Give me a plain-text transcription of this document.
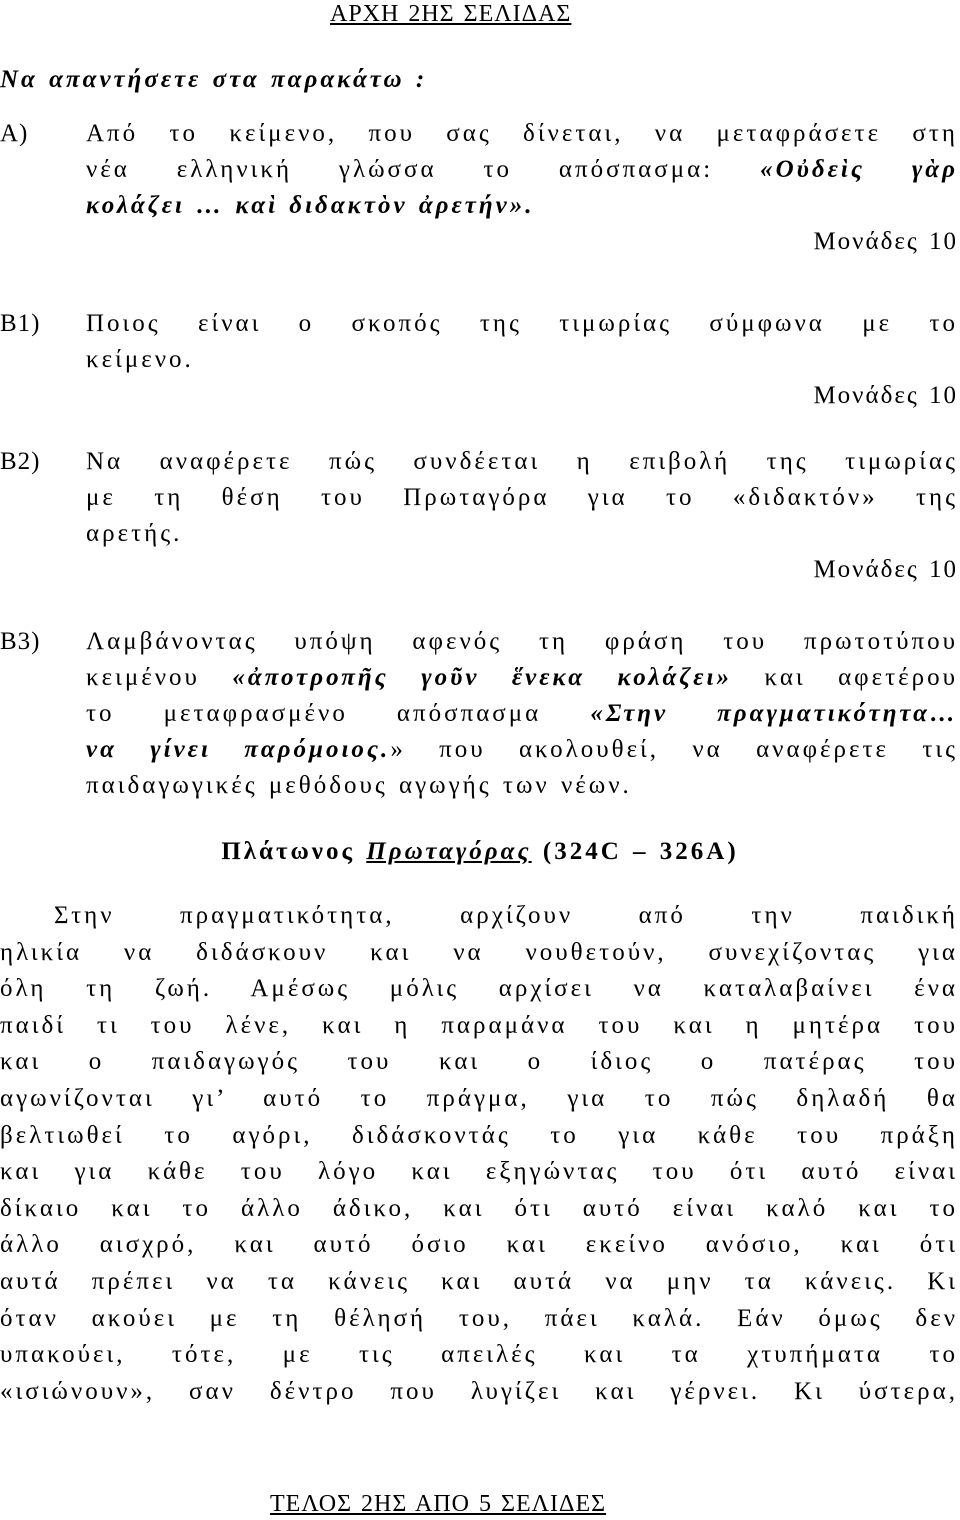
ΑΡΧΗ 2ΗΣ ΣΕΛΙΔΑΣ
Να απαντήσετε στα παρακάτω :
Α) Από το κείμενο, που σας δίνεται, να μεταφράσετε στη
νέα ελληνική γλώσσα το απόσπασμα: «Οὐδεὶς γὰρ
κολάζει … καὶ διδακτὸν ἀρετήν».
Μονάδες 10
Β1) Ποιος είναι ο σκοπός της τιμωρίας σύμφωνα με το
κείμενο.
Μονάδες 10
Β2) Να αναφέρετε πώς συνδέεται η επιβολή της τιμωρίας
με τη θέση του Πρωταγόρα για το «διδακτόν» της
αρετής.
Μονάδες 10
Β3) Λαμβάνοντας υπόψη αφενός τη φράση του πρωτοτύπου
κειμένου «ἀποτροπῆς γοῦν ἕνεκα κολάζει» και αφετέρου
το μεταφρασμένο απόσπασμα «Στην πραγματικότητα…
να γίνει παρόμοιος.» που ακολουθεί, να αναφέρετε τις
παιδαγωγικές μεθόδους αγωγής των νέων.
Πλάτωνος Πρωταγόρας (324C – 326A)
Στην πραγματικότητα, αρχίζουν από την παιδική
ηλικία να διδάσκουν και να νουθετούν, συνεχίζοντας για
όλη τη ζωή. Αμέσως μόλις αρχίσει να καταλαβαίνει ένα
παιδί τι του λένε, και η παραμάνα του και η μητέρα του
και ο παιδαγωγός του και ο ίδιος ο πατέρας του
αγωνίζονται γι’ αυτό το πράγμα, για το πώς δηλαδή θα
βελτιωθεί το αγόρι, διδάσκοντάς το για κάθε του πράξη
και για κάθε του λόγο και εξηγώντας του ότι αυτό είναι
δίκαιο και το άλλο άδικο, και ότι αυτό είναι καλό και το
άλλο αισχρό, και αυτό όσιο και εκείνο ανόσιο, και ότι
αυτά πρέπει να τα κάνεις και αυτά να μην τα κάνεις. Κι
όταν ακούει με τη θέλησή του, πάει καλά. Εάν όμως δεν
υπακούει, τότε, με τις απειλές και τα χτυπήματα το
«ισιώνουν», σαν δέντρο που λυγίζει και γέρνει. Κι ύστερα,
ΤΕΛΟΣ 2ΗΣ ΑΠΟ 5 ΣΕΛΙΔΕΣ
